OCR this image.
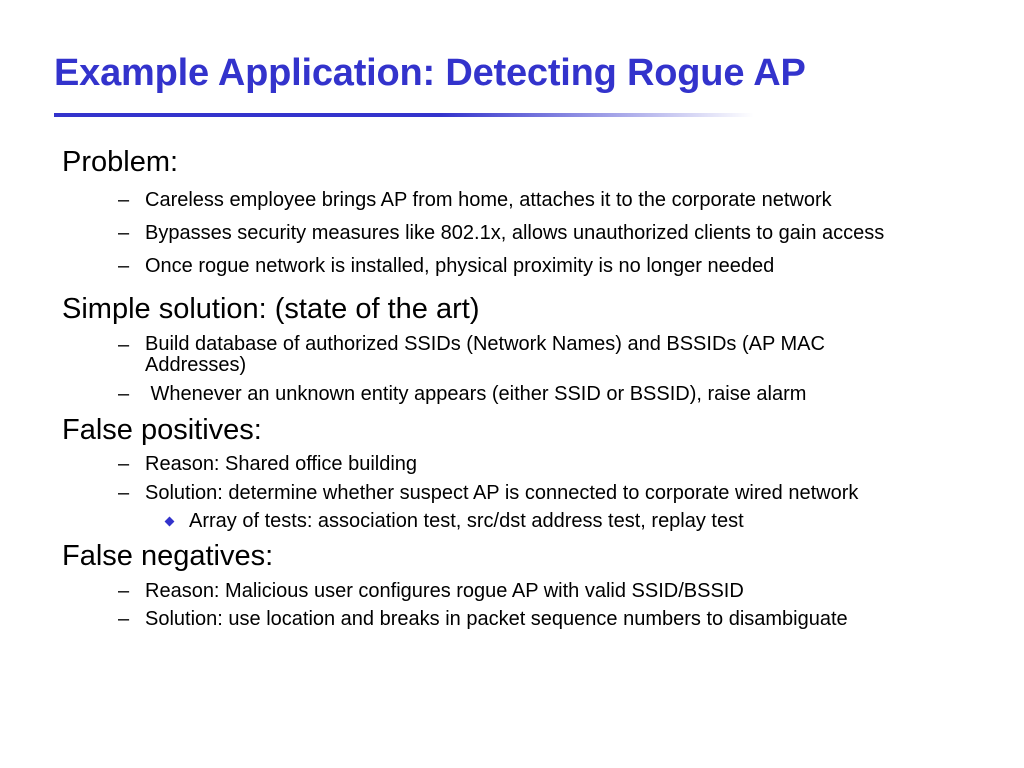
Example Application: Detecting Rogue AP
Problem:
– Careless employee brings AP from home, attaches it to the corporate network
– Bypasses security measures like 802.1x, allows unauthorized clients to gain access
– Once rogue network is installed, physical proximity is no longer needed
Simple solution: (state of the art)
– Build database of authorized SSIDs (Network Names) and BSSIDs (AP MAC Addresses)
– Whenever an unknown entity appears (either SSID or BSSID), raise alarm
False positives:
– Reason: Shared office building
– Solution: determine whether suspect AP is connected to corporate wired network
Array of tests: association test, src/dst address test, replay test
False negatives:
– Reason: Malicious user configures rogue AP with valid SSID/BSSID
– Solution: use location and breaks in packet sequence numbers to disambiguate
